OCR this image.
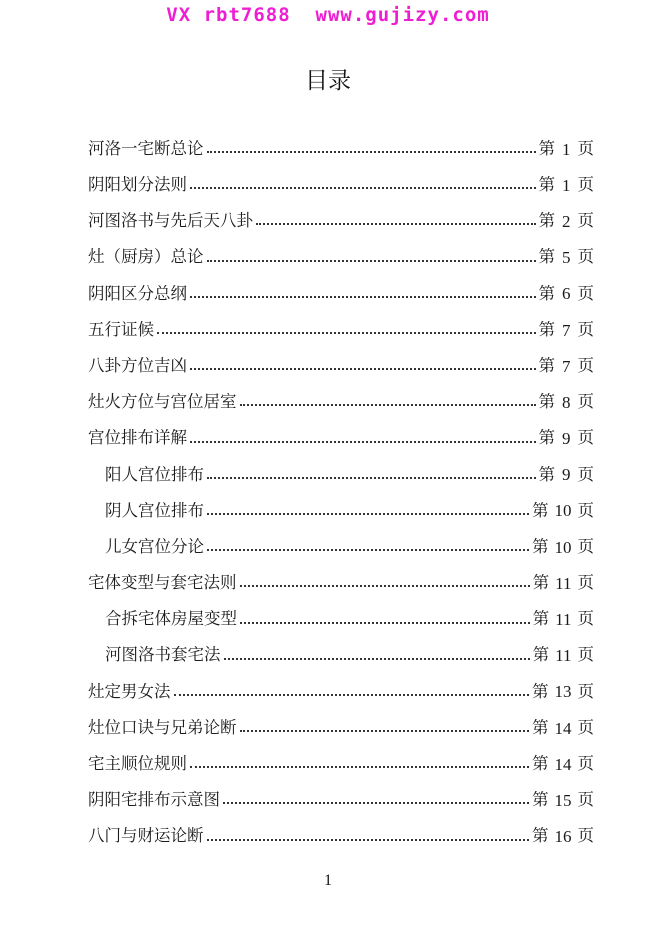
VX rbt7688  www.gujizy.com
目录
河洛一宅断总论	第 1 页
阴阳划分法则	第 1 页
河图洛书与先后天八卦	第 2 页
灶（厨房）总论	第 5 页
阴阳区分总纲	第 6 页
五行证候	第 7 页
八卦方位吉凶	第 7 页
灶火方位与宫位居室	第 8 页
宫位排布详解	第 9 页
阳人宫位排布	第 9 页
阴人宫位排布	第 10 页
儿女宫位分论	第 10 页
宅体变型与套宅法则	第 11 页
合拆宅体房屋变型	第 11 页
河图洛书套宅法	第 11 页
灶定男女法	第 13 页
灶位口诀与兄弟论断	第 14 页
宅主顺位规则	第 14 页
阴阳宅排布示意图	第 15 页
八门与财运论断	第 16 页
1
